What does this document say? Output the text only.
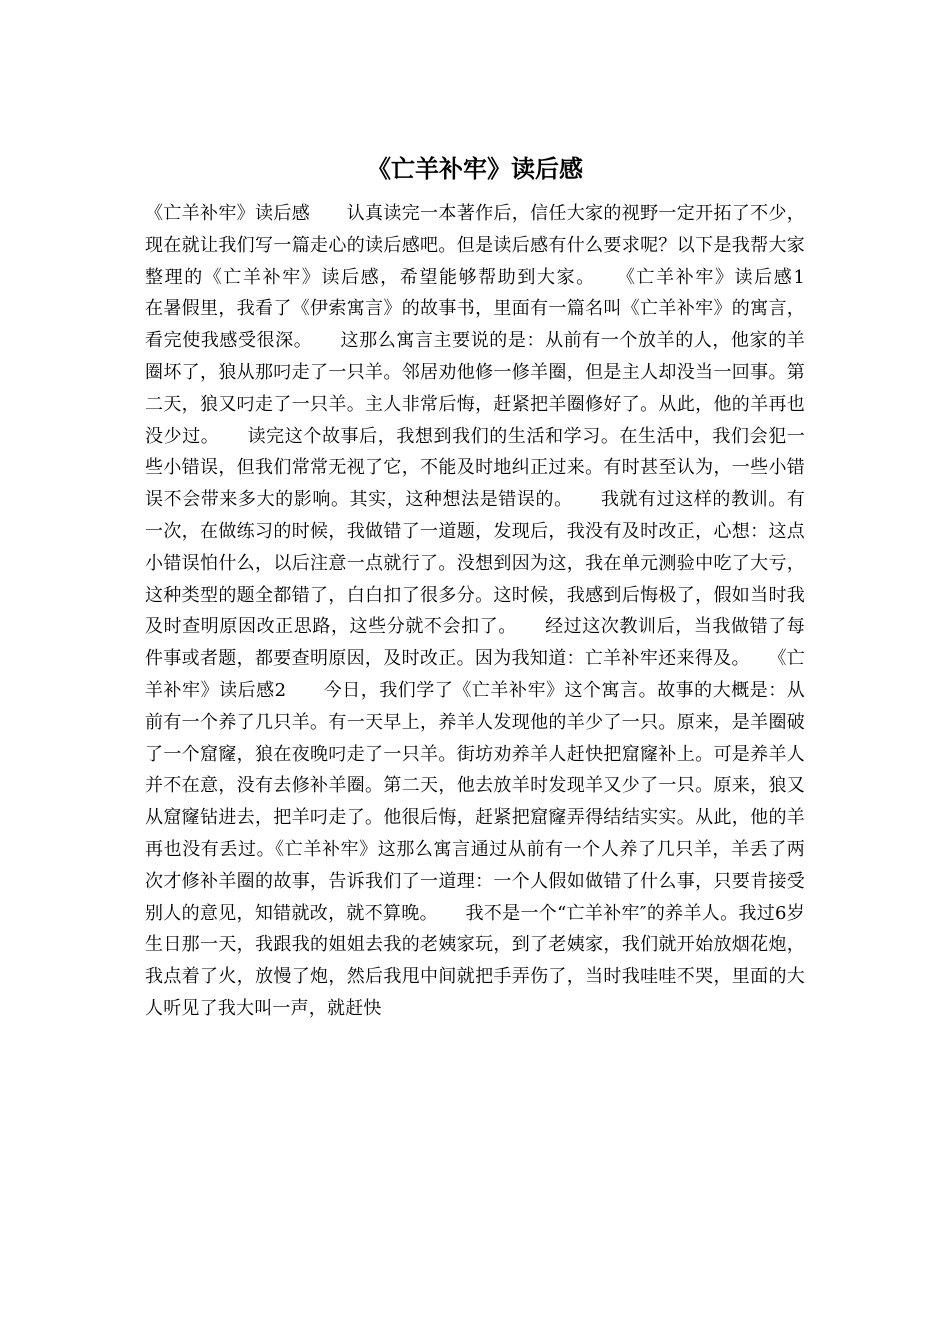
《亡羊补牢》读后感

《亡羊补牢》读后感　　认真读完一本著作后，信任大家的视野一定开拓了不少，现在就让我们写一篇走心的读后感吧。但是读后感有什么要求呢？以下是我帮大家整理的《亡羊补牢》读后感，希望能够帮助到大家。　　《亡羊补牢》读后感1　　在暑假里，我看了《伊索寓言》的故事书，里面有一篇名叫《亡羊补牢》的寓言，看完使我感受很深。　　这那么寓言主要说的是：从前有一个放羊的人，他家的羊圈坏了，狼从那叼走了一只羊。邻居劝他修一修羊圈，但是主人却没当一回事。第二天，狼又叼走了一只羊。主人非常后悔，赶紧把羊圈修好了。从此，他的羊再也没少过。　　读完这个故事后，我想到我们的生活和学习。在生活中，我们会犯一些小错误，但我们常常无视了它，不能及时地纠正过来。有时甚至认为，一些小错误不会带来多大的影响。其实，这种想法是错误的。　　我就有过这样的教训。有一次，在做练习的时候，我做错了一道题，发现后，我没有及时改正，心想：这点小错误怕什么，以后注意一点就行了。没想到因为这，我在单元测验中吃了大亏，这种类型的题全都错了，白白扣了很多分。这时候，我感到后悔极了，假如当时我及时查明原因改正思路，这些分就不会扣了。　　经过这次教训后，当我做错了每件事或者题，都要查明原因，及时改正。因为我知道：亡羊补牢还来得及。　　《亡羊补牢》读后感2　　今日，我们学了《亡羊补牢》这个寓言。故事的大概是：从前有一个养了几只羊。有一天早上，养羊人发现他的羊少了一只。原来，是羊圈破了一个窟窿，狼在夜晚叼走了一只羊。街坊劝养羊人赶快把窟窿补上。可是养羊人并不在意，没有去修补羊圈。第二天，他去放羊时发现羊又少了一只。原来，狼又从窟窿钻进去，把羊叼走了。他很后悔，赶紧把窟窿弄得结结实实。从此，他的羊再也没有丢过。《亡羊补牢》这那么寓言通过从前有一个人养了几只羊，羊丢了两次才修补羊圈的故事，告诉我们了一道理：一个人假如做错了什么事，只要肯接受别人的意见，知错就改，就不算晚。　　我不是一个“亡羊补牢″的养羊人。我过6岁生日那一天，我跟我的姐姐去我的老姨家玩，到了老姨家，我们就开始放烟花炮，我点着了火，放慢了炮，然后我甩中间就把手弄伤了，当时我哇哇不哭，里面的大人听见了我大叫一声，就赶快
